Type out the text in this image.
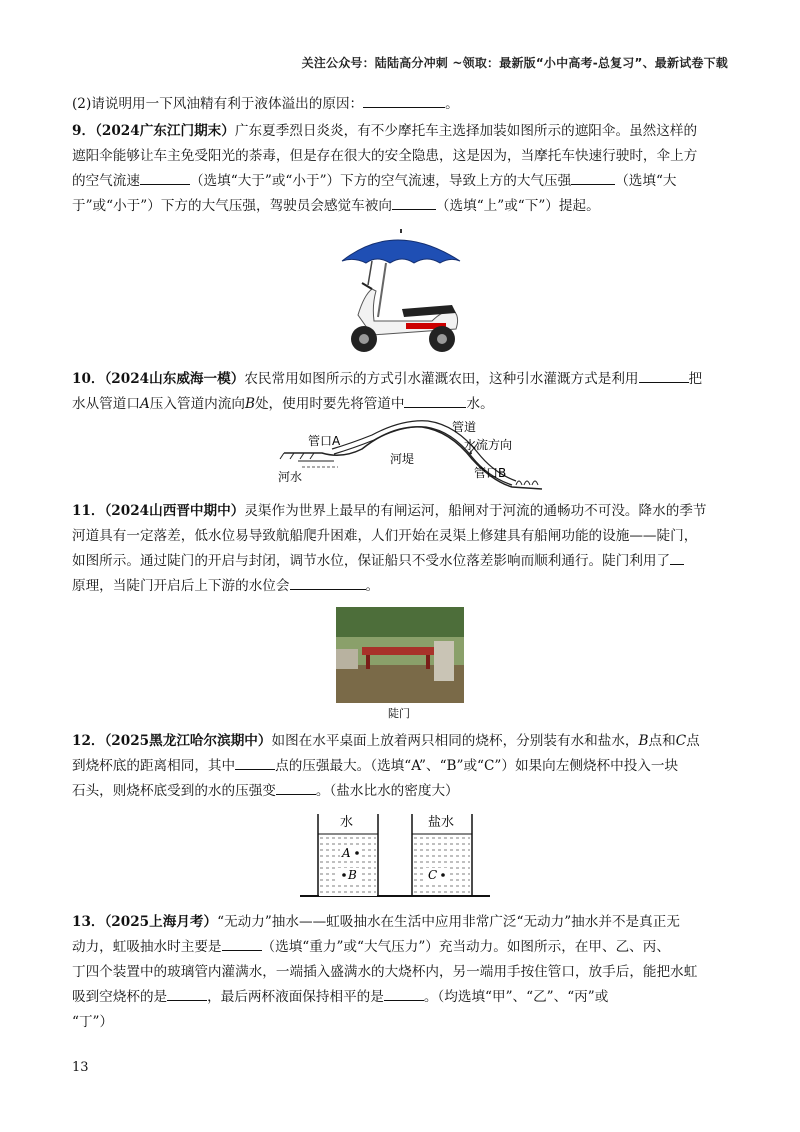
关注公众号：陆陆高分冲刺 ~领取：最新版“小中高考-总复习”、最新试卷下载
(2)请说明用一下风油精有利于液体溢出的原因：	。
9．（2024广东江门期末）广东夏季烈日炎炎，有不少摩托车主选择加装如图所示的遮阳伞。虽然这样的
遮阳伞能够让车主免受阳光的荼毒，但是存在很大的安全隐患，这是因为，当摩托车快速行驶时，伞上方
的空气流速	（选填“大于”或“小于”）下方的空气流速，导致上方的大气压强	（选填“大
于”或“小于”）下方的大气压强，驾驶员会感觉车被向	（选填“上”或“下”）提起。
10．（2024山东威海一模）农民常用如图所示的方式引水灌溉农田，这种引水灌溉方式是利用	把
水从管道口A压入管道内流向B处，使用时要先将管道中	水。
管口A
河水
河堤
管道
水流方向
管口B
11．（2024山西晋中期中）灵渠作为世界上最早的有闸运河，船闸对于河流的通畅功不可没。降水的季节
河道具有一定落差，低水位易导致航船爬升困难，人们开始在灵渠上修建具有船闸功能的设施——陡门，
如图所示。通过陡门的开启与封闭，调节水位，保证船只不受水位落差影响而顺利通行。陡门利用了
原理，当陡门开启后上下游的水位会	。
陡门
12．（2025黑龙江哈尔滨期中）如图在水平桌面上放着两只相同的烧杯，分别装有水和盐水，B点和C点
到烧杯底的距离相同，其中	点的压强最大。（选填“A”、“B”或“C”）如果向左侧烧杯中投入一块
石头，则烧杯底受到的水的压强变	。（盐水比水的密度大）
水	盐水
A
B	C
13．（2025上海月考）“无动力”抽水——虹吸抽水在生活中应用非常广泛“无动力”抽水并不是真正无
动力，虹吸抽水时主要是	（选填“重力”或“大气压力”）充当动力。如图所示，在甲、乙、丙、
丁四个装置中的玻璃管内灌满水，一端插入盛满水的大烧杯内，另一端用手按住管口，放手后，能把水虹
吸到空烧杯的是	，最后两杯液面保持相平的是	。（均选填“甲”、“乙”、“丙”或
“丁”）
13
